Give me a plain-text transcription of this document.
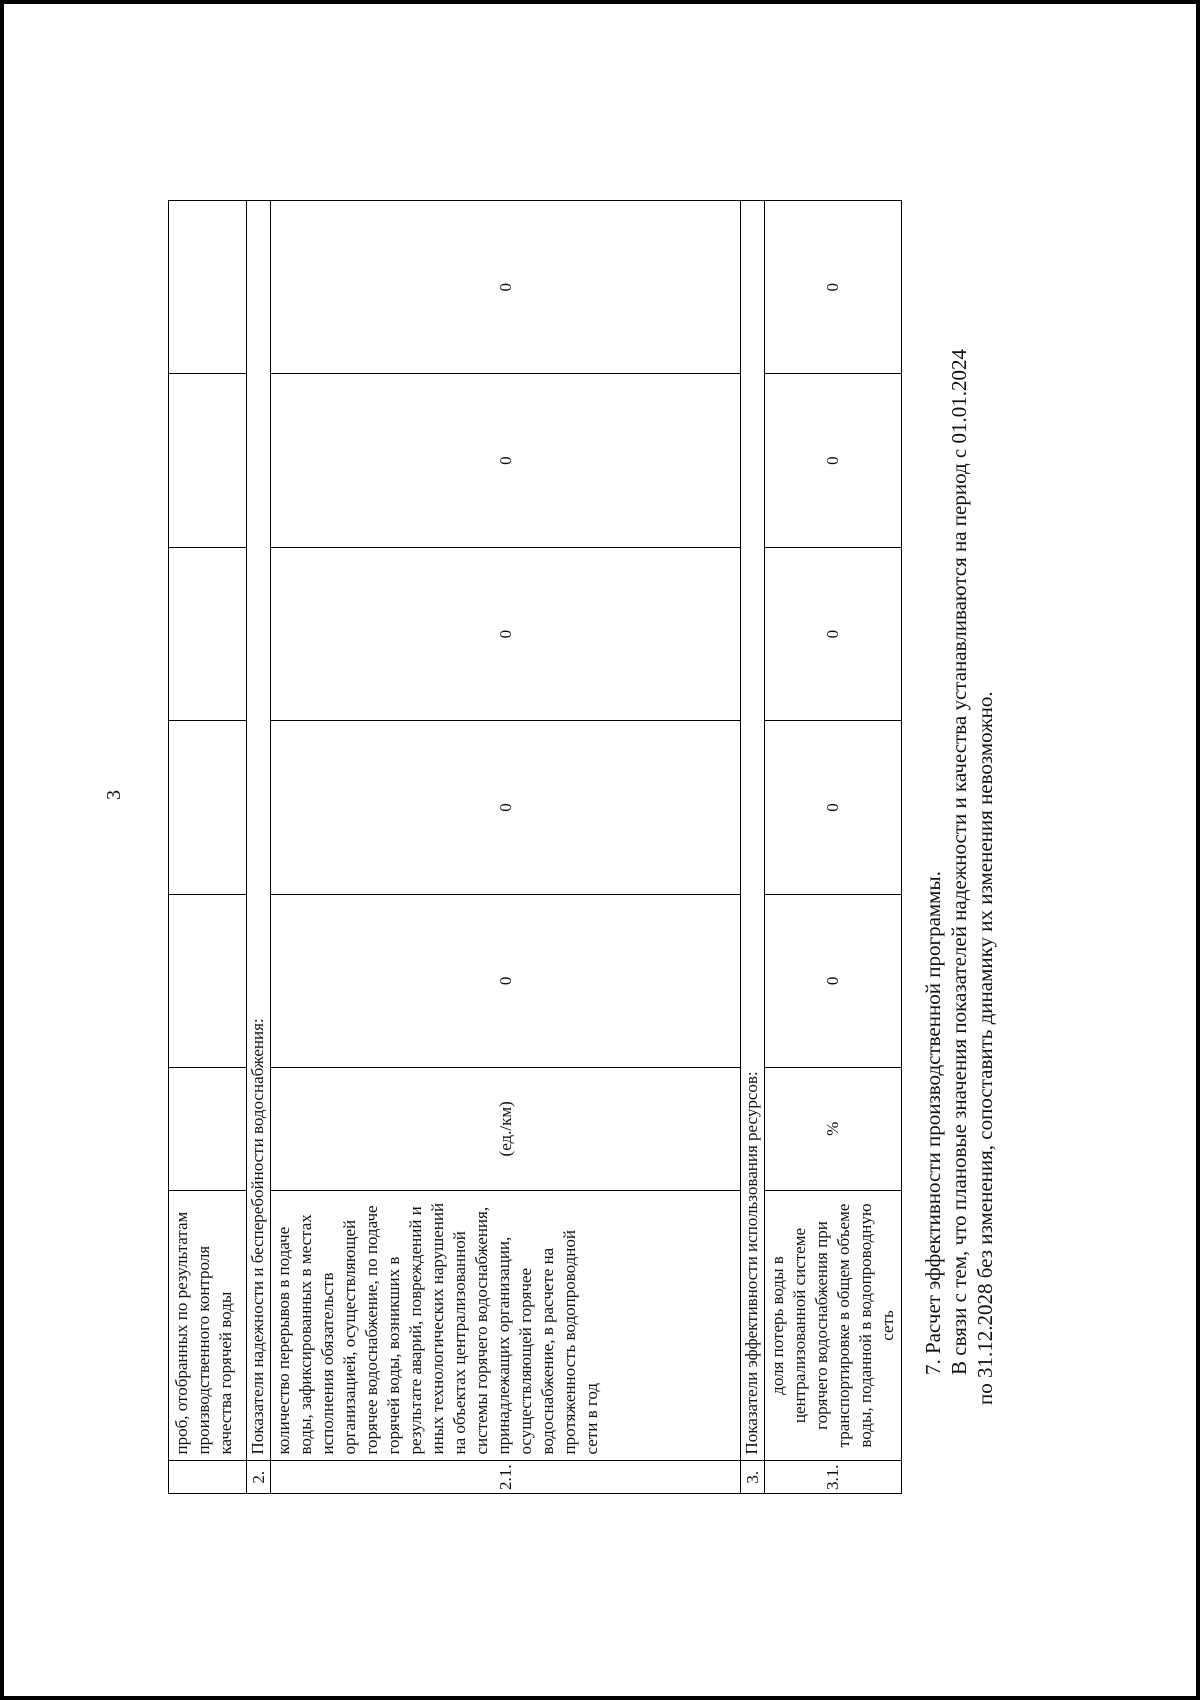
3
	проб, отобранных по результатам производственного контроля качества горячей воды						
2.	Показатели надежности и бесперебойности водоснабжения:						
2.1.	количество перерывов в подаче воды, зафиксированных в местах исполнения обязательств организацией, осуществляющей горячее водоснабжение, по подаче горячей воды, возникших в результате аварий, повреждений и иных технологических нарушений на объектах централизованной системы горячего водоснабжения, принадлежащих организации, осуществляющей горячее водоснабжение, в расчете на протяженность водопроводной сети в год	(ед./км)	0	0	0	0	0
3.	Показатели эффективности использования ресурсов:						
3.1.	доля потерь воды в централизованной системе горячего водоснабжения при транспортировке в общем объеме воды, поданной в водопроводную сеть	%	0	0	0	0	0

7. Расчет эффективности производственной программы. В связи с тем, что плановые значения показателей надежности и качества устанавливаются на период с 01.01.2024 по 31.12.2028 без изменения, сопоставить динамику их изменения невозможно.
